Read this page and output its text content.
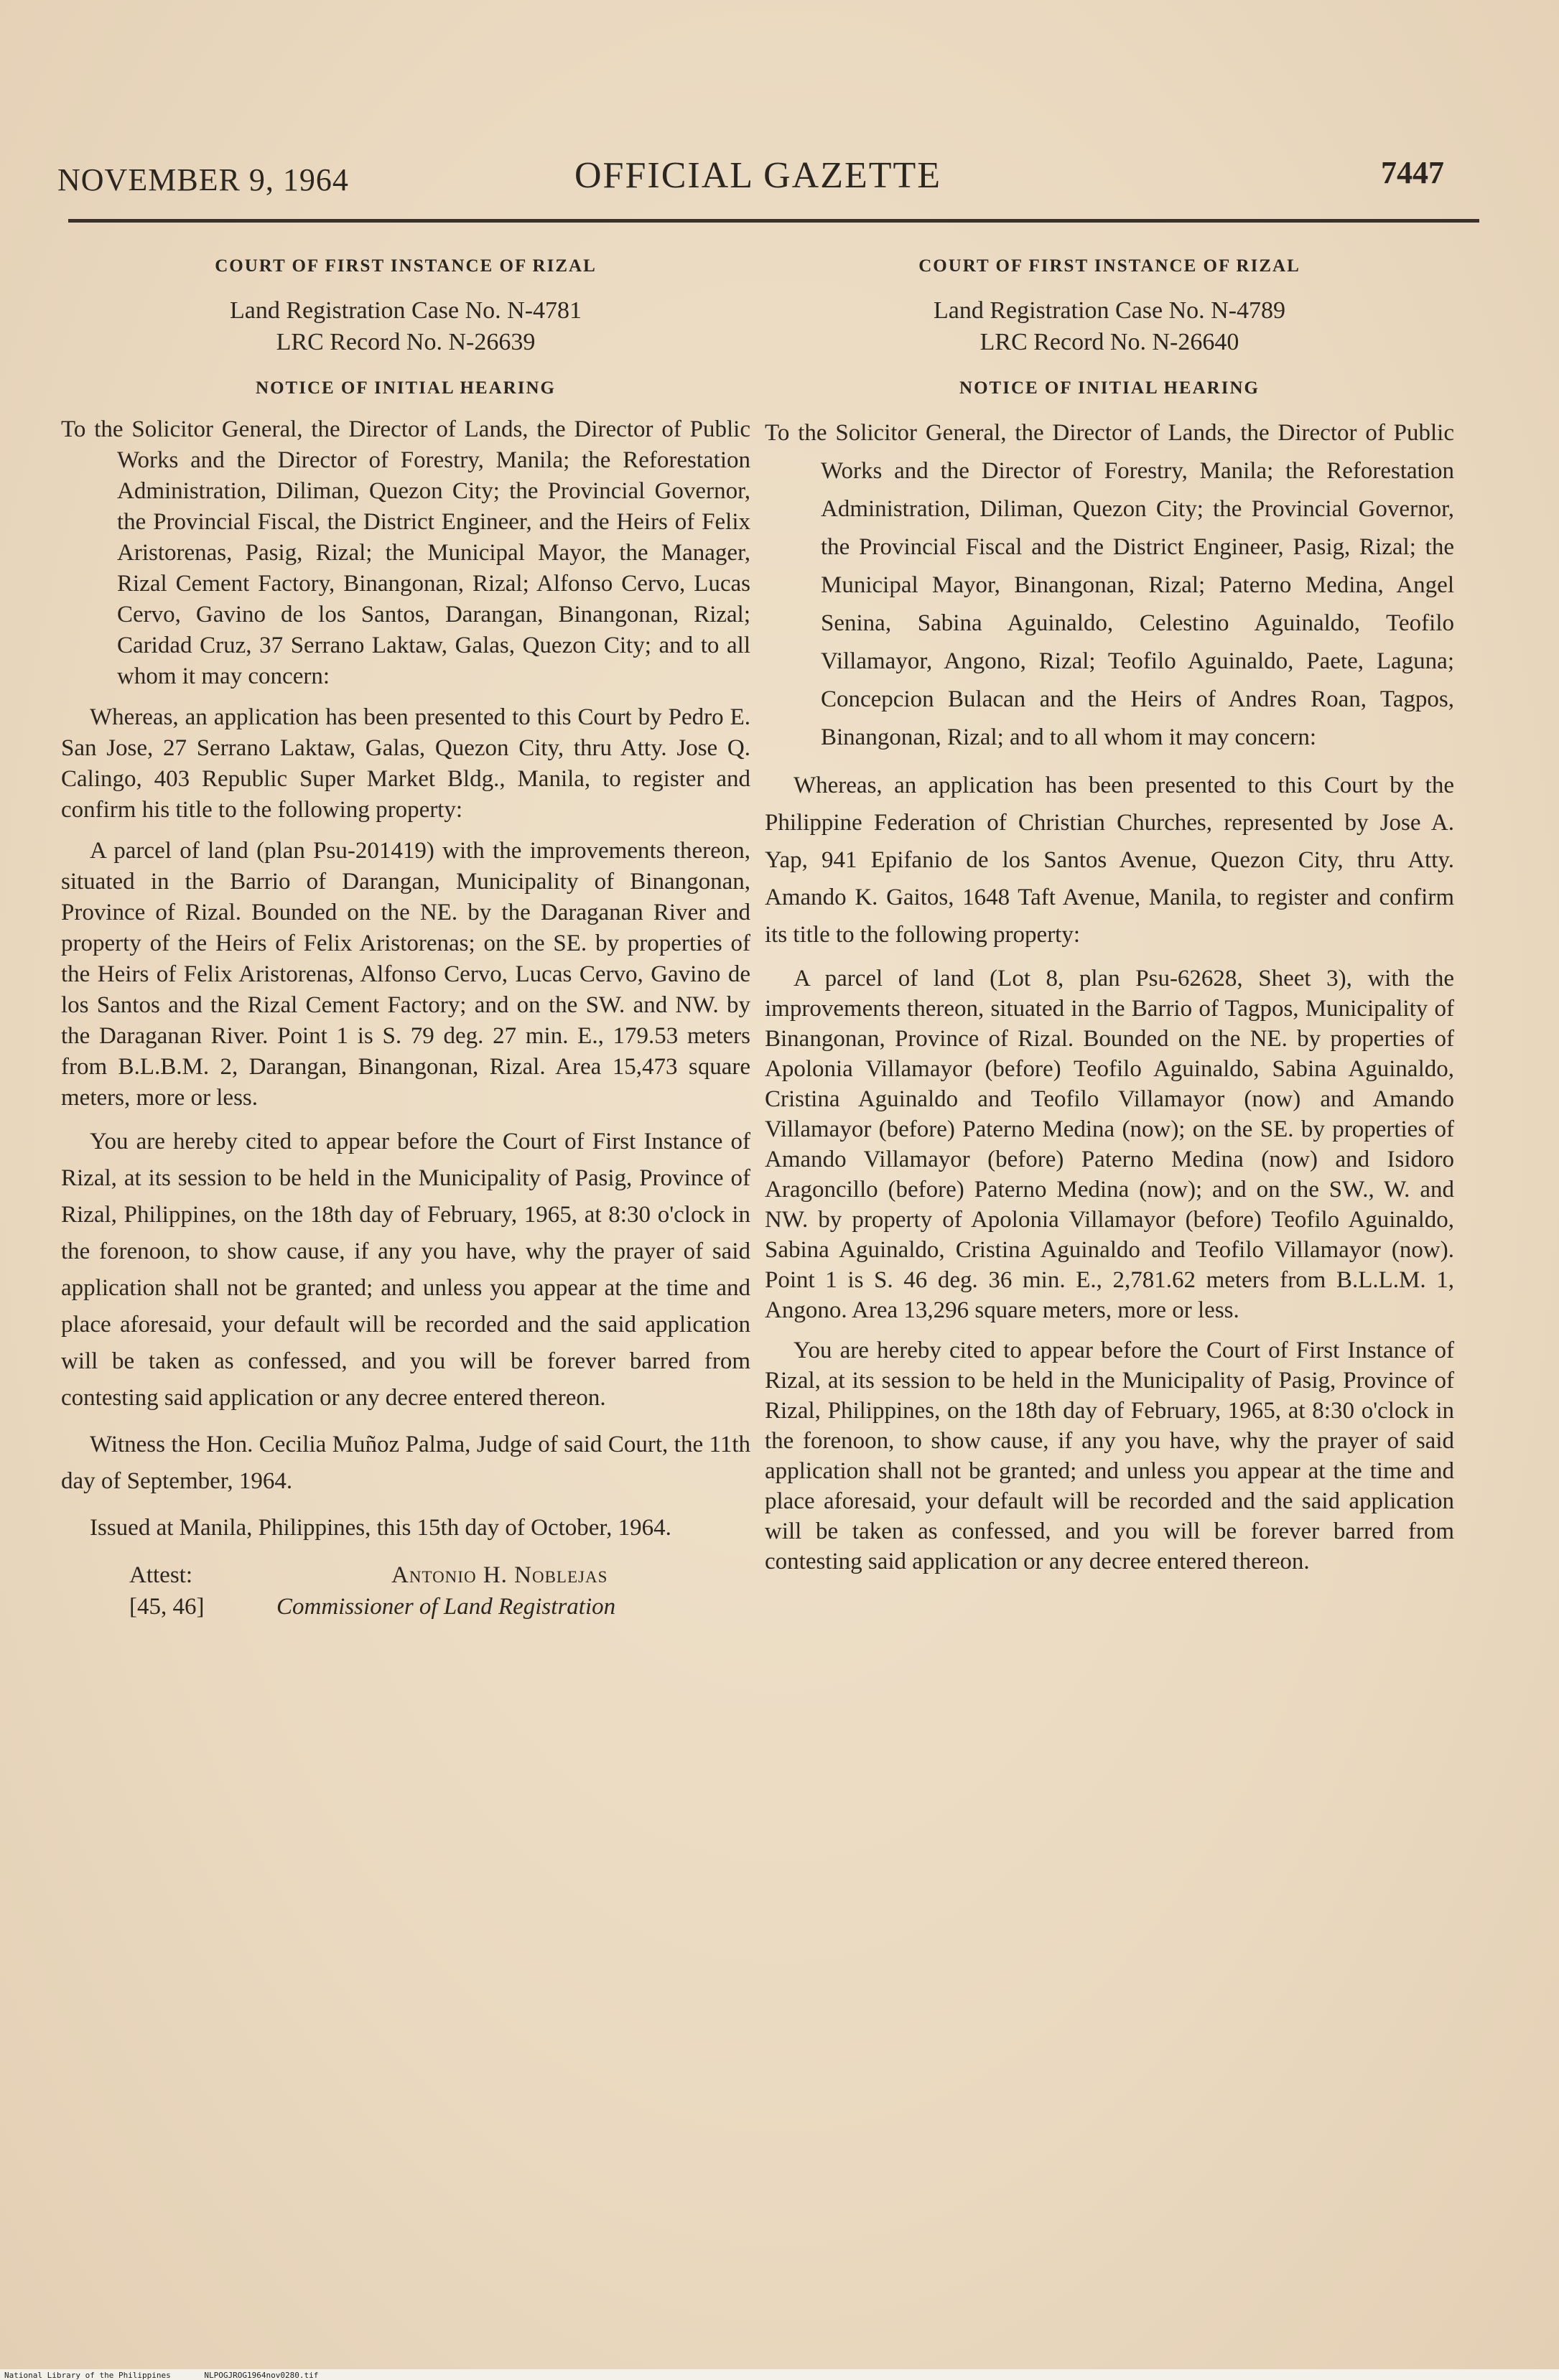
NOVEMBER 9, 1964	OFFICIAL GAZETTE	7447

COURT OF FIRST INSTANCE OF RIZAL

Land Registration Case No. N-4781

LRC Record No. N-26639

NOTICE OF INITIAL HEARING

To the Solicitor General, the Director of Lands, the Director of Public Works and the Director of Forestry, Manila; the Reforestation Administration, Diliman, Quezon City; the Provincial Governor, the Provincial Fiscal, the District Engineer, and the Heirs of Felix Aristorenas, Pasig, Rizal; the Municipal Mayor, the Manager, Rizal Cement Factory, Binangonan, Rizal; Alfonso Cervo, Lucas Cervo, Gavino de los Santos, Darangan, Binangonan, Rizal; Caridad Cruz, 37 Serrano Laktaw, Galas, Quezon City; and to all whom it may concern:

Whereas, an application has been presented to this Court by Pedro E. San Jose, 27 Serrano Laktaw, Galas, Quezon City, thru Atty. Jose Q. Calingo, 403 Republic Super Market Bldg., Manila, to register and confirm his title to the following property:

A parcel of land (plan Psu-201419) with the improvements thereon, situated in the Barrio of Darangan, Municipality of Binangonan, Province of Rizal. Bounded on the NE. by the Daraganan River and property of the Heirs of Felix Aristorenas; on the SE. by properties of the Heirs of Felix Aristorenas, Alfonso Cervo, Lucas Cervo, Gavino de los Santos and the Rizal Cement Factory; and on the SW. and NW. by the Daraganan River. Point 1 is S. 79 deg. 27 min. E., 179.53 meters from B.L.B.M. 2, Darangan, Binangonan, Rizal. Area 15,473 square meters, more or less.

You are hereby cited to appear before the Court of First Instance of Rizal, at its session to be held in the Municipality of Pasig, Province of Rizal, Philippines, on the 18th day of February, 1965, at 8:30 o'clock in the forenoon, to show cause, if any you have, why the prayer of said application shall not be granted; and unless you appear at the time and place aforesaid, your default will be recorded and the said application will be taken as confessed, and you will be forever barred from contesting said application or any decree entered thereon.

Witness the Hon. Cecilia Muñoz Palma, Judge of said Court, the 11th day of September, 1964.

Issued at Manila, Philippines, this 15th day of October, 1964.

Attest:
[45, 46]
Antonio H. Noblejas
Commissioner of Land Registration

COURT OF FIRST INSTANCE OF RIZAL

Land Registration Case No. N-4789

LRC Record No. N-26640

NOTICE OF INITIAL HEARING

To the Solicitor General, the Director of Lands, the Director of Public Works and the Director of Forestry, Manila; the Reforestation Administration, Diliman, Quezon City; the Provincial Governor, the Provincial Fiscal and the District Engineer, Pasig, Rizal; the Municipal Mayor, Binangonan, Rizal; Paterno Medina, Angel Senina, Sabina Aguinaldo, Celestino Aguinaldo, Teofilo Villamayor, Angono, Rizal; Teofilo Aguinaldo, Paete, Laguna; Concepcion Bulacan and the Heirs of Andres Roan, Tagpos, Binangonan, Rizal; and to all whom it may concern:

Whereas, an application has been presented to this Court by the Philippine Federation of Christian Churches, represented by Jose A. Yap, 941 Epifanio de los Santos Avenue, Quezon City, thru Atty. Amando K. Gaitos, 1648 Taft Avenue, Manila, to register and confirm its title to the following property:

A parcel of land (Lot 8, plan Psu-62628, Sheet 3), with the improvements thereon, situated in the Barrio of Tagpos, Municipality of Binangonan, Province of Rizal. Bounded on the NE. by properties of Apolonia Villamayor (before) Teofilo Aguinaldo, Sabina Aguinaldo, Cristina Aguinaldo and Teofilo Villamayor (now) and Amando Villamayor (before) Paterno Medina (now); on the SE. by properties of Amando Villamayor (before) Paterno Medina (now) and Isidoro Aragoncillo (before) Paterno Medina (now); and on the SW., W. and NW. by property of Apolonia Villamayor (before) Teofilo Aguinaldo, Sabina Aguinaldo, Cristina Aguinaldo and Teofilo Villamayor (now). Point 1 is S. 46 deg. 36 min. E., 2,781.62 meters from B.L.L.M. 1, Angono. Area 13,296 square meters, more or less.

You are hereby cited to appear before the Court of First Instance of Rizal, at its session to be held in the Municipality of Pasig, Province of Rizal, Philippines, on the 18th day of February, 1965, at 8:30 o'clock in the forenoon, to show cause, if any you have, why the prayer of said application shall not be granted; and unless you appear at the time and place aforesaid, your default will be recorded and the said application will be taken as confessed, and you will be forever barred from contesting said application or any decree entered thereon.

National Library of the Philippines	NLPOGJROG1964nov0280.tif
